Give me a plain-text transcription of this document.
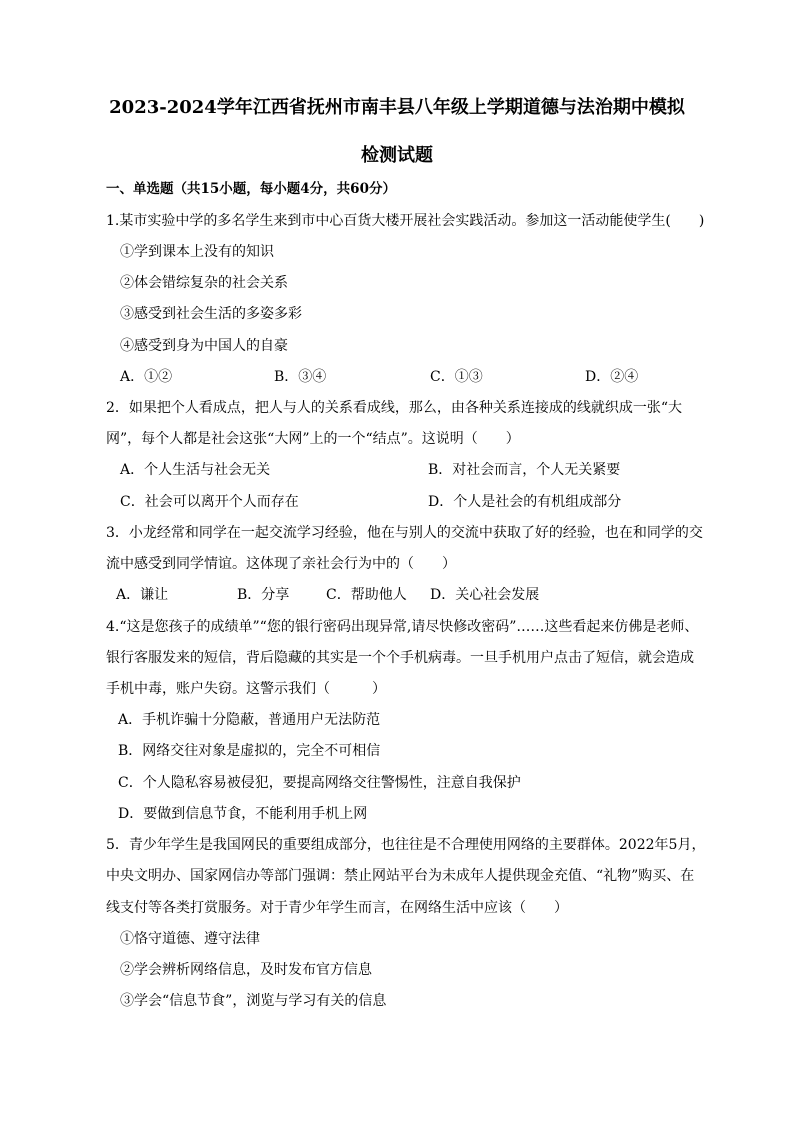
2023-2024学年江西省抚州市南丰县八年级上学期道德与法治期中模拟
检测试题
一、单选题（共15小题，每小题4分，共60分）
1.某市实验中学的多名学生来到市中心百货大楼开展社会实践活动。参加这一活动能使学生(　　)
①学到课本上没有的知识
②体会错综复杂的社会关系
③感受到社会生活的多姿多彩
④感受到身为中国人的自豪
A．①②	B．③④	C．①③	D．②④
2．如果把个人看成点，把人与人的关系看成线，那么，由各种关系连接成的线就织成一张“大
网”，每个人都是社会这张“大网”上的一个“结点”。这说明（　　）
A．个人生活与社会无关	B．对社会而言，个人无关紧要
C．社会可以离开个人而存在	D．个人是社会的有机组成部分
3．小龙经常和同学在一起交流学习经验，他在与别人的交流中获取了好的经验，也在和同学的交
流中感受到同学情谊。这体现了亲社会行为中的（　　）
A．谦让	B．分享	C．帮助他人 D．关心社会发展
4.“这是您孩子的成绩单”“您的银行密码出现异常,请尽快修改密码”……这些看起来仿佛是老师、
银行客服发来的短信，背后隐藏的其实是一个个手机病毒。一旦手机用户点击了短信，就会造成
手机中毒，账户失窃。这警示我们（　　　）
A．手机诈骗十分隐蔽，普通用户无法防范
B．网络交往对象是虚拟的，完全不可相信
C．个人隐私容易被侵犯，要提高网络交往警惕性，注意自我保护
D．要做到信息节食，不能利用手机上网
5．青少年学生是我国网民的重要组成部分，也往往是不合理使用网络的主要群体。2022年5月，
中央文明办、国家网信办等部门强调：禁止网站平台为未成年人提供现金充值、“礼物”购买、在
线支付等各类打赏服务。对于青少年学生而言，在网络生活中应该（　　）
①恪守道德、遵守法律
②学会辨析网络信息，及时发布官方信息
③学会“信息节食”，浏览与学习有关的信息
